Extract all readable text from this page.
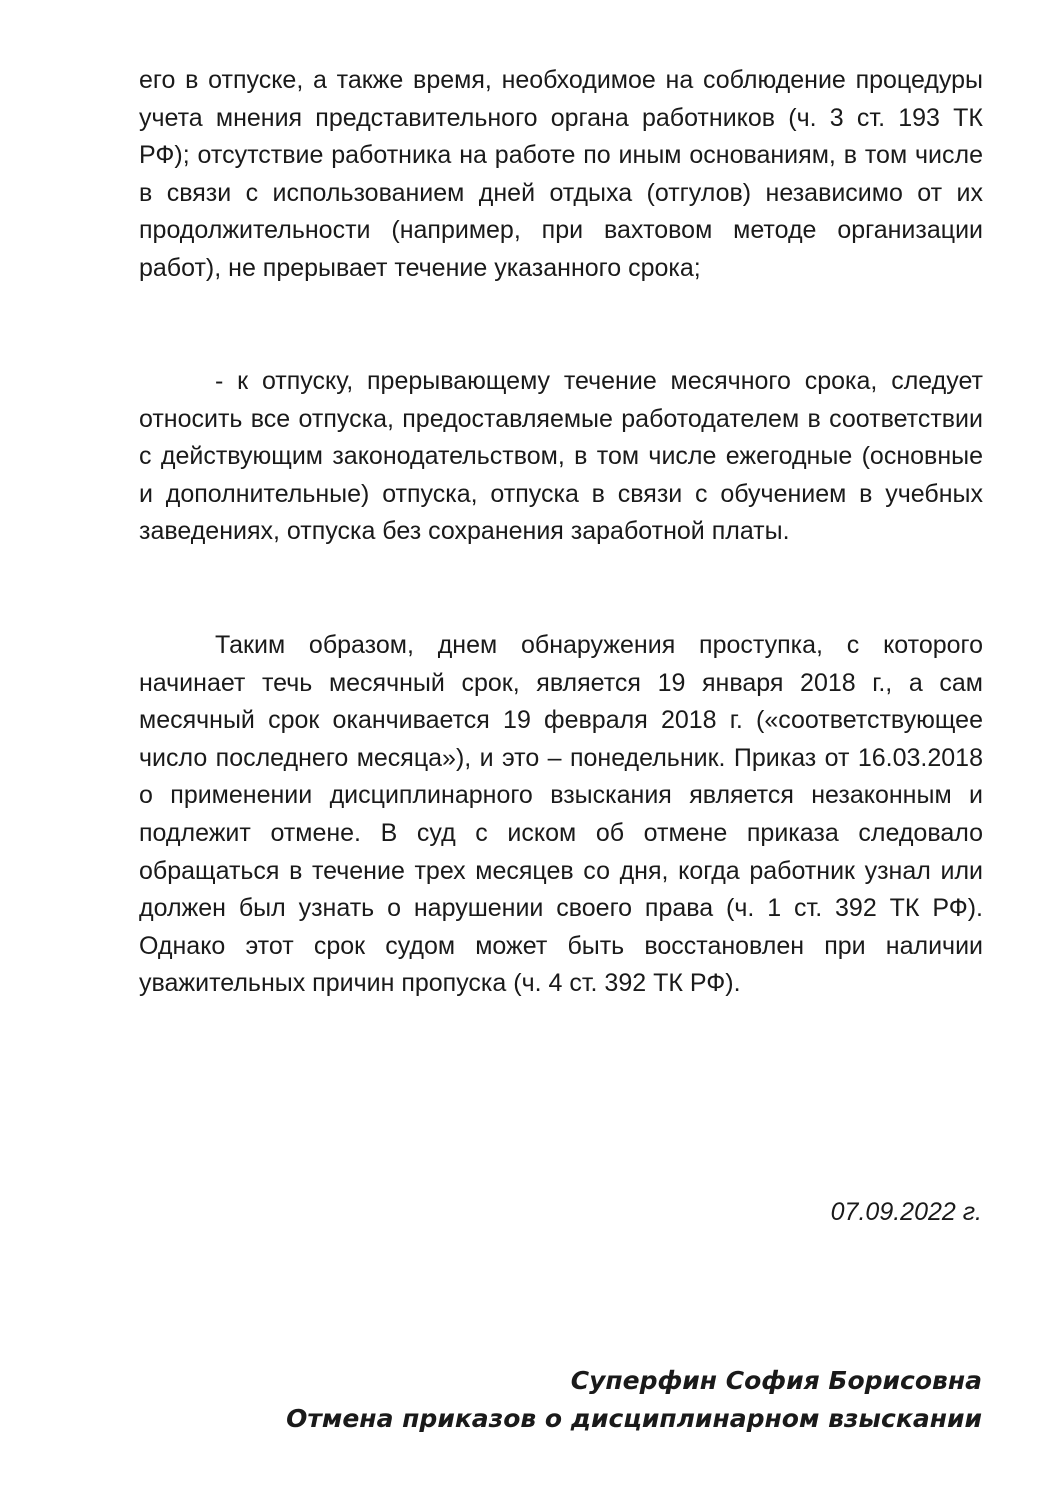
его в отпуске, а также время, необходимое на соблюдение процедуры учета мнения представительного органа работников (ч. 3 ст. 193 ТК РФ); отсутствие работника на работе по иным основаниям, в том числе в связи с использованием дней отдыха (отгулов) независимо от их продолжительности (например, при вахтовом методе организации работ), не прерывает течение указанного срока;

- к отпуску, прерывающему течение месячного срока, следует относить все отпуска, предоставляемые работодателем в соответствии с действующим законодательством, в том числе ежегодные (основные и дополнительные) отпуска, отпуска в связи с обучением в учебных заведениях, отпуска без сохранения заработной платы.

Таким образом, днем обнаружения проступка, с которого начинает течь месячный срок, является 19 января 2018 г., а сам месячный срок оканчивается 19 февраля 2018 г. («соответствующее число последнего месяца»), и это – понедельник. Приказ от 16.03.2018 о применении дисциплинарного взыскания является незаконным и подлежит отмене. В суд с иском об отмене приказа следовало обращаться в течение трех месяцев со дня, когда работник узнал или должен был узнать о нарушении своего права (ч. 1 ст. 392 ТК РФ). Однако этот срок судом может быть восстановлен при наличии уважительных причин пропуска (ч. 4 ст. 392 ТК РФ).

07.09.2022 г.

Суперфин София Борисовна
Отмена приказов о дисциплинарном взыскании
